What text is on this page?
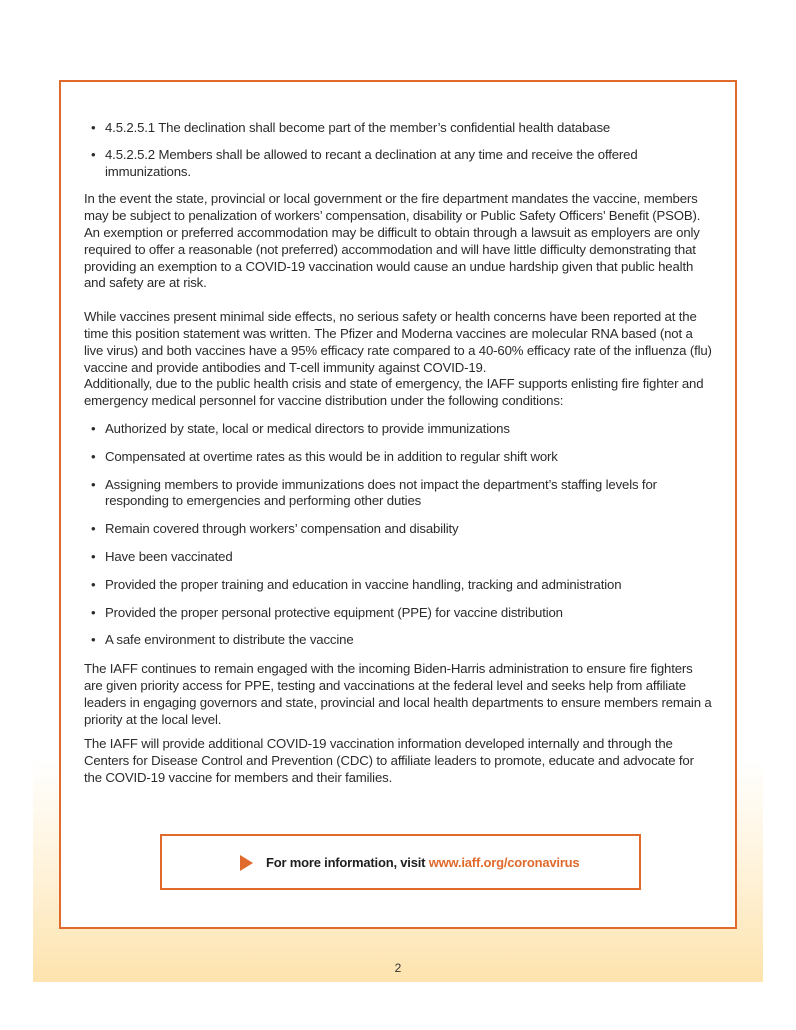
• 4.5.2.5.1 The declination shall become part of the member’s confidential health database
• 4.5.2.5.2 Members shall be allowed to recant a declination at any time and receive the offered immunizations.

In the event the state, provincial or local government or the fire department mandates the vaccine, members may be subject to penalization of workers’ compensation, disability or Public Safety Officers’ Benefit (PSOB). An exemption or preferred accommodation may be difficult to obtain through a lawsuit as employers are only required to offer a reasonable (not preferred) accommodation and will have little difficulty demonstrating that providing an exemption to a COVID-19 vaccination would cause an undue hardship given that public health and safety are at risk.

While vaccines present minimal side effects, no serious safety or health concerns have been reported at the time this position statement was written. The Pfizer and Moderna vaccines are molecular RNA based (not a live virus) and both vaccines have a 95% efficacy rate compared to a 40-60% efficacy rate of the influenza (flu) vaccine and provide antibodies and T-cell immunity against COVID-19.

Additionally, due to the public health crisis and state of emergency, the IAFF supports enlisting fire fighter and emergency medical personnel for vaccine distribution under the following conditions:

• Authorized by state, local or medical directors to provide immunizations
• Compensated at overtime rates as this would be in addition to regular shift work
• Assigning members to provide immunizations does not impact the department’s staffing levels for responding to emergencies and performing other duties
• Remain covered through workers’ compensation and disability
• Have been vaccinated
• Provided the proper training and education in vaccine handling, tracking and administration
• Provided the proper personal protective equipment (PPE) for vaccine distribution
• A safe environment to distribute the vaccine

The IAFF continues to remain engaged with the incoming Biden-Harris administration to ensure fire fighters are given priority access for PPE, testing and vaccinations at the federal level and seeks help from affiliate leaders in engaging governors and state, provincial and local health departments to ensure members remain a priority at the local level.

The IAFF will provide additional COVID-19 vaccination information developed internally and through the Centers for Disease Control and Prevention (CDC) to affiliate leaders to promote, educate and advocate for the COVID-19 vaccine for members and their families.

For more information, visit www.iaff.org/coronavirus
2
